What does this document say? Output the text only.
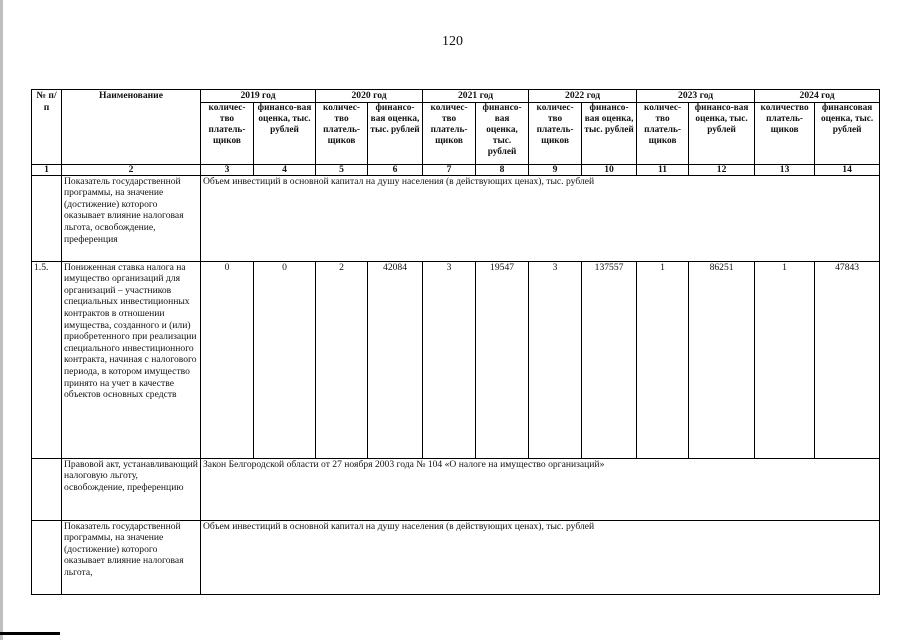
120
№ п/п	Наименование	2019 год		2020 год		2021 год		2022 год		2023 год		2024 год	
		количес-тво платель-щиков	финансо-вая оценка, тыс. рублей	количес-тво платель-щиков	финансо-вая оценка, тыс. рублей	количес-тво платель-щиков	финансо-вая оценка, тыс. рублей	количес-тво платель-щиков	финансо-вая оценка, тыс. рублей	количес-тво платель-щиков	финансо-вая оценка, тыс. рублей	количество платель-щиков	финансовая оценка, тыс. рублей
1	2	3	4	5	6	7	8	9	10	11	12	13	14
	Показатель государственной программы, на значение (достижение) которого оказывает влияние налоговая льгота, освобождение, преференция	Объем инвестиций в основной капитал на душу населения (в действующих ценах), тыс. рублей											
1.5.	Пониженная ставка налога на имущество организаций для организаций – участников специальных инвестиционных контрактов в отношении имущества, созданного и (или) приобретенного при реализации специального инвестиционного контракта, начиная с налогового периода, в котором имущество принято на учет в качестве объектов основных средств	0	0	2	42084	3	19547	3	137557	1	86251	1	47843
	Правовой акт, устанавливающий налоговую льготу, освобождение, преференцию	Закон Белгородской области от 27 ноября 2003 года № 104 «О налоге на имущество организаций»											
	Показатель государственной программы, на значение (достижение) которого оказывает влияние налоговая льгота,	Объем инвестиций в основной капитал на душу населения (в действующих ценах), тыс. рублей											
